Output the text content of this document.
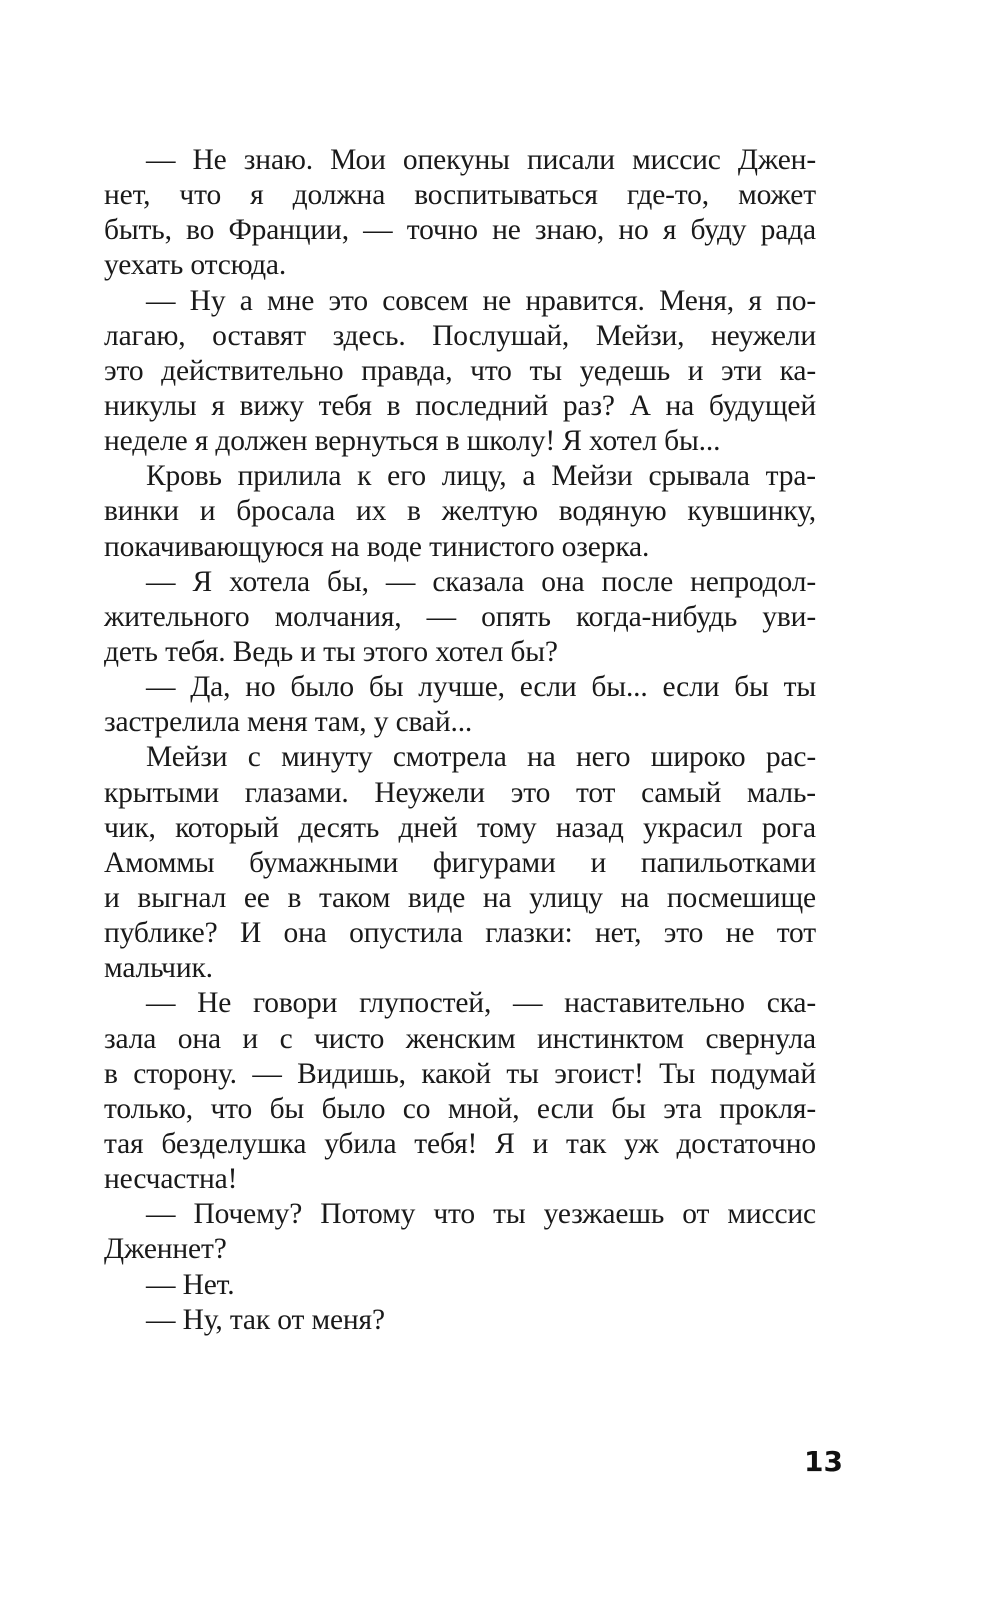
— Не знаю. Мои опекуны писали миссис Джен-
нет, что я должна воспитываться где-то, может
быть, во Франции, — точно не знаю, но я буду рада
уехать отсюда.
— Ну а мне это совсем не нравится. Меня, я по-
лагаю, оставят здесь. Послушай, Мейзи, неужели
это действительно правда, что ты уедешь и эти ка-
никулы я вижу тебя в последний раз? А на будущей
неделе я должен вернуться в школу! Я хотел бы...
Кровь прилила к его лицу, а Мейзи срывала тра-
винки и бросала их в желтую водяную кувшинку,
покачивающуюся на воде тинистого озерка.
— Я хотела бы, — сказала она после непродол-
жительного молчания, — опять когда-нибудь уви-
деть тебя. Ведь и ты этого хотел бы?
— Да, но было бы лучше, если бы... если бы ты
застрелила меня там, у свай...
Мейзи с минуту смотрела на него широко рас-
крытыми глазами. Неужели это тот самый маль-
чик, который десять дней тому назад украсил рога
Амоммы бумажными фигурами и папильотками
и выгнал ее в таком виде на улицу на посмешище
публике? И она опустила глазки: нет, это не тот
мальчик.
— Не говори глупостей, — наставительно ска-
зала она и с чисто женским инстинктом свернула
в сторону. — Видишь, какой ты эгоист! Ты подумай
только, что бы было со мной, если бы эта прокля-
тая безделушка убила тебя! Я и так уж достаточно
несчастна!
— Почему? Потому что ты уезжаешь от миссис
Дженнет?
— Нет.
— Ну, так от меня?
13
